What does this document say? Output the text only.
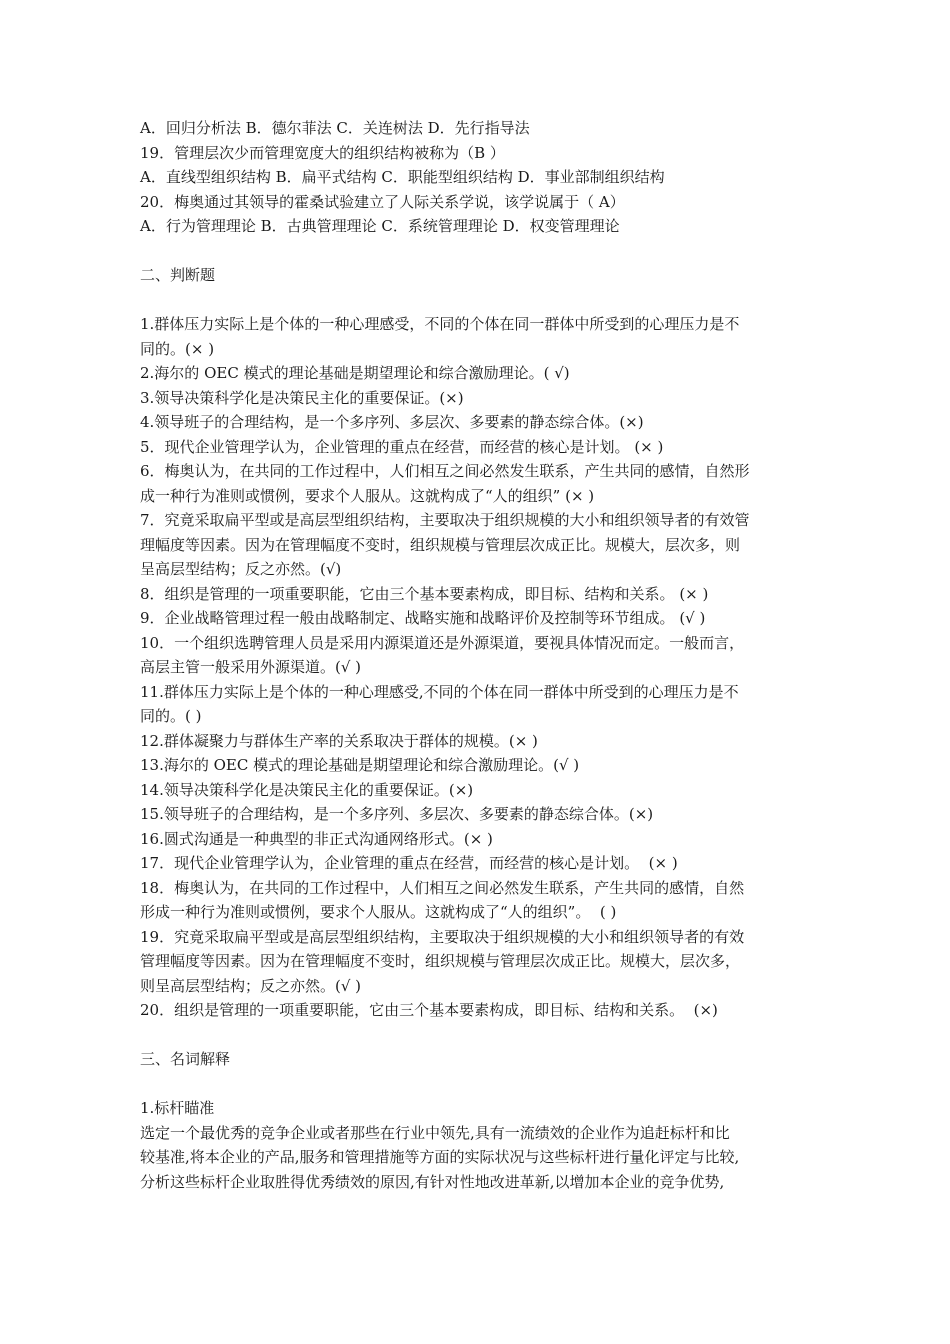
A．回归分析法 B．德尔菲法 C．关连树法 D．先行指导法
19．管理层次少而管理宽度大的组织结构被称为（B ）
A．直线型组织结构 B．扁平式结构 C．职能型组织结构 D．事业部制组织结构
20．梅奥通过其领导的霍桑试验建立了人际关系学说，该学说属于（ A）
A．行为管理理论 B．古典管理理论 C．系统管理理论 D．权变管理理论
二、判断题
1.群体压力实际上是个体的一种心理感受，不同的个体在同一群体中所受到的心理压力是不
同的。(× )
2.海尔的 OEC 模式的理论基础是期望理论和综合激励理论。( √)
3.领导决策科学化是决策民主化的重要保证。(×)
4.领导班子的合理结构，是一个多序列、多层次、多要素的静态综合体。(×)
5．现代企业管理学认为，企业管理的重点在经营，而经营的核心是计划。 (× )
6．梅奥认为，在共同的工作过程中，人们相互之间必然发生联系，产生共同的感情，自然形
成一种行为准则或惯例，要求个人服从。这就构成了“人的组织” (× )
7．究竟采取扁平型或是高层型组织结构，主要取决于组织规模的大小和组织领导者的有效管
理幅度等因素。因为在管理幅度不变时，组织规模与管理层次成正比。规模大，层次多，则
呈高层型结构；反之亦然。(√)
8．组织是管理的一项重要职能，它由三个基本要素构成，即目标、结构和关系。 (× )
9．企业战略管理过程一般由战略制定、战略实施和战略评价及控制等环节组成。 (√ )
10．一个组织选聘管理人员是采用内源渠道还是外源渠道，要视具体情况而定。一般而言，
高层主管一般采用外源渠道。(√ )
11.群体压力实际上是个体的一种心理感受,不同的个体在同一群体中所受到的心理压力是不
同的。( )
12.群体凝聚力与群体生产率的关系取决于群体的规模。(× )
13.海尔的 OEC 模式的理论基础是期望理论和综合激励理论。(√ )
14.领导决策科学化是决策民主化的重要保证。(×)
15.领导班子的合理结构，是一个多序列、多层次、多要素的静态综合体。(×)
16.圆式沟通是一种典型的非正式沟通网络形式。(× )
17．现代企业管理学认为，企业管理的重点在经营，而经营的核心是计划。  (× )
18．梅奥认为，在共同的工作过程中，人们相互之间必然发生联系，产生共同的感情，自然
形成一种行为准则或惯例，要求个人服从。这就构成了“人的组织”。  ( )
19．究竟采取扁平型或是高层型组织结构，主要取决于组织规模的大小和组织领导者的有效
管理幅度等因素。因为在管理幅度不变时，组织规模与管理层次成正比。规模大，层次多，
则呈高层型结构；反之亦然。(√ )
20．组织是管理的一项重要职能，它由三个基本要素构成，即目标、结构和关系。  (×)
三、名词解释
1.标杆瞄准
选定一个最优秀的竞争企业或者那些在行业中领先,具有一流绩效的企业作为追赶标杆和比
较基准,将本企业的产品,服务和管理措施等方面的实际状况与这些标杆进行量化评定与比较,
分析这些标杆企业取胜得优秀绩效的原因,有针对性地改进革新,以增加本企业的竞争优势,
